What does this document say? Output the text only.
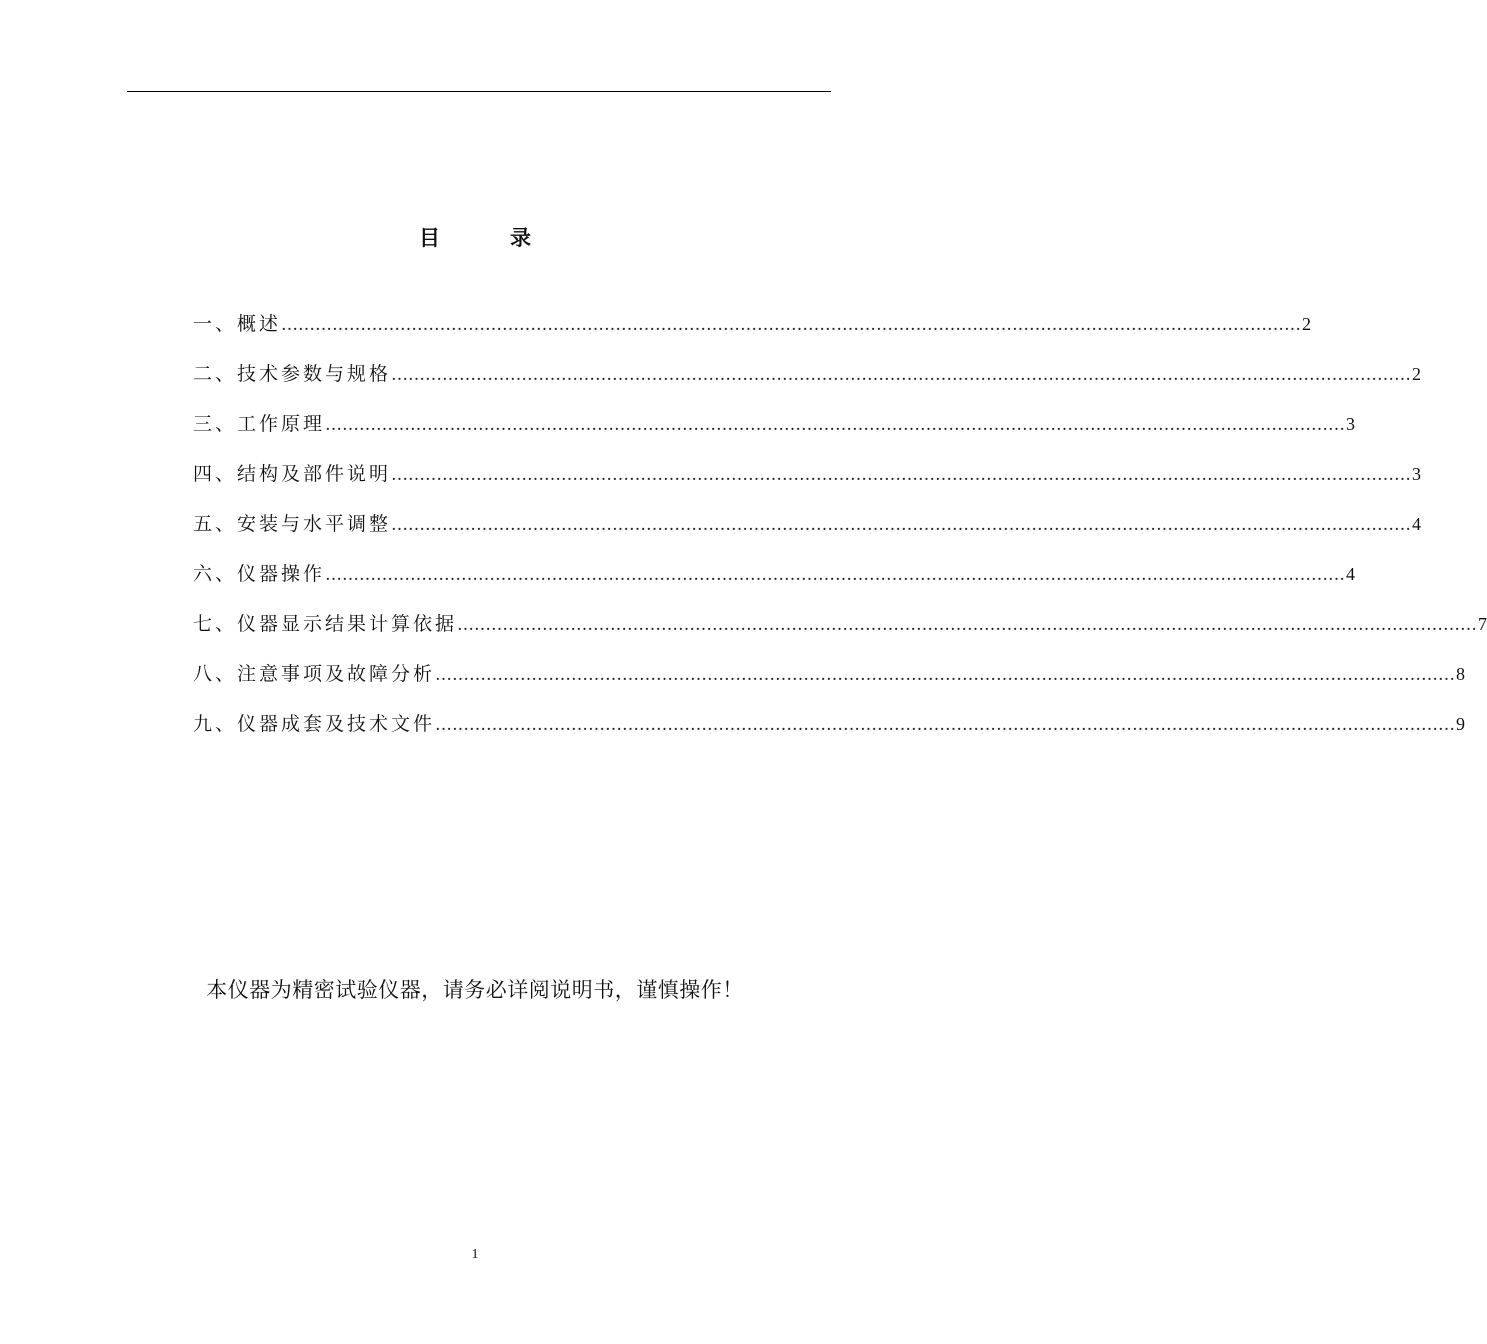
目录
一、概述 ……………………………………………………………………………………………………………………………………………………………… 2
二、技术参数与规格 ……………………………………………………………………………………………………………………………………………………………… 2
三、工作原理 ……………………………………………………………………………………………………………………………………………………………… 3
四、结构及部件说明 ……………………………………………………………………………………………………………………………………………………………… 3
五、安装与水平调整 ……………………………………………………………………………………………………………………………………………………………… 4
六、仪器操作 ……………………………………………………………………………………………………………………………………………………………… 4
七、仪器显示结果计算依据 ……………………………………………………………………………………………………………………………………………………………… 7
八、注意事项及故障分析 ……………………………………………………………………………………………………………………………………………………………… 8
九、仪器成套及技术文件 ……………………………………………………………………………………………………………………………………………………………… 9
本仪器为精密试验仪器，请务必详阅说明书，谨慎操作！
1
